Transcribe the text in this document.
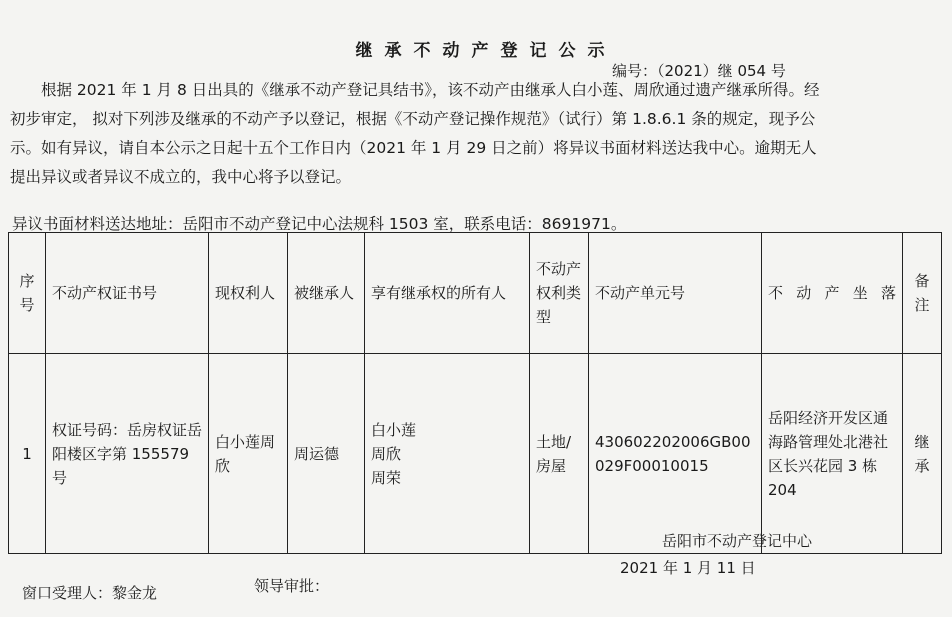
继承不动产登记公示
编号：（2021）继 054 号
根据 2021 年 1 月 8 日出具的《继承不动产登记具结书》，该不动产由继承人白小莲、周欣通过遗产继承所得。经
初步审定， 拟对下列涉及继承的不动产予以登记，根据《不动产登记操作规范》（试行）第 1.8.6.1 条的规定，现予公
示。如有异议，请自本公示之日起十五个工作日内（2021 年 1 月 29 日之前）将异议书面材料送达我中心。逾期无人
提出异议或者异议不成立的，我中心将予以登记。
异议书面材料送达地址：岳阳市不动产登记中心法规科 1503 室，联系电话：8691971。
序号	不动产权证书号	现权利人	被继承人	享有继承权的所有人	不动产权利类型	不动产单元号	不动产坐落	备注
1	权证号码：岳房权证岳阳楼区字第 155579 号	白小莲周欣	周运德	白小莲
周欣
周荣	土地/房屋	430602202006GB00029F00010015	岳阳经济开发区通海路管理处北港社区长兴花园 3 栋 204	继承
岳阳市不动产登记中心
2021 年 1 月 11 日
窗口受理人：黎金龙	领导审批：
